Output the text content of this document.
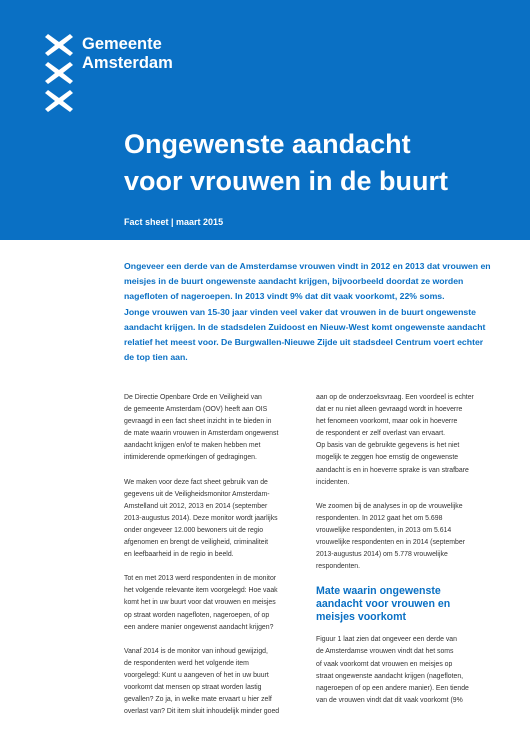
Gemeente
Amsterdam
Ongewenste aandacht
voor vrouwen in de buurt
Fact sheet | maart 2015

Ongeveer een derde van de Amsterdamse vrouwen vindt in 2012 en 2013 dat vrouwen en meisjes in de buurt ongewenste aandacht krijgen, bijvoorbeeld doordat ze worden nagefloten of nageroepen. In 2013 vindt 9% dat dit vaak voorkomt, 22% soms.

Jonge vrouwen van 15-30 jaar vinden veel vaker dat vrouwen in de buurt ongewenste aandacht krijgen. In de stadsdelen Zuidoost en Nieuw-West komt ongewenste aandacht relatief het meest voor. De Burgwallen-Nieuwe Zijde uit stadsdeel Centrum voert echter de top tien aan.

De Directie Openbare Orde en Veiligheid van
de gemeente Amsterdam (OOV) heeft aan OIS
gevraagd in een fact sheet inzicht in te bieden in
de mate waarin vrouwen in Amsterdam ongewenst
aandacht krijgen en/of te maken hebben met
intimiderende opmerkingen of gedragingen.

We maken voor deze fact sheet gebruik van de
gegevens uit de Veiligheidsmonitor Amsterdam-
Amstelland uit 2012, 2013 en 2014 (september
2013-augustus 2014). Deze monitor wordt jaarlijks
onder ongeveer 12.000 bewoners uit de regio
afgenomen en brengt de veiligheid, criminaliteit
en leefbaarheid in de regio in beeld.

Tot en met 2013 werd respondenten in de monitor
het volgende relevante item voorgelegd: Hoe vaak
komt het in uw buurt voor dat vrouwen en meisjes
op straat worden nagefloten, nageroepen, of op
een andere manier ongewenst aandacht krijgen?

Vanaf 2014 is de monitor van inhoud gewijzigd,
de respondenten werd het volgende item
voorgelegd: Kunt u aangeven of het in uw buurt
voorkomt dat mensen op straat worden lastig
gevallen? Zo ja, in welke mate ervaart u hier zelf
overlast van? Dit item sluit inhoudelijk minder goed

aan op de onderzoeksvraag. Een voordeel is echter
dat er nu niet alleen gevraagd wordt in hoeverre
het fenomeen voorkomt, maar ook in hoeverre
de respondent er zelf overlast van ervaart.

Op basis van de gebruikte gegevens is het niet
mogelijk te zeggen hoe ernstig de ongewenste
aandacht is en in hoeverre sprake is van strafbare
incidenten.

We zoomen bij de analyses in op de vrouwelijke
respondenten. In 2012 gaat het om 5.698
vrouwelijke respondenten, in 2013 om 5.614
vrouwelijke respondenten en in 2014 (september
2013-augustus 2014) om 5.778 vrouwelijke
respondenten.

Mate waarin ongewenste
aandacht voor vrouwen en
meisjes voorkomt

Figuur 1 laat zien dat ongeveer een derde van
de Amsterdamse vrouwen vindt dat het soms
of vaak voorkomt dat vrouwen en meisjes op
straat ongewenste aandacht krijgen (nagefloten,
nageroepen of op een andere manier). Een tiende
van de vrouwen vindt dat dit vaak voorkomt (9%
